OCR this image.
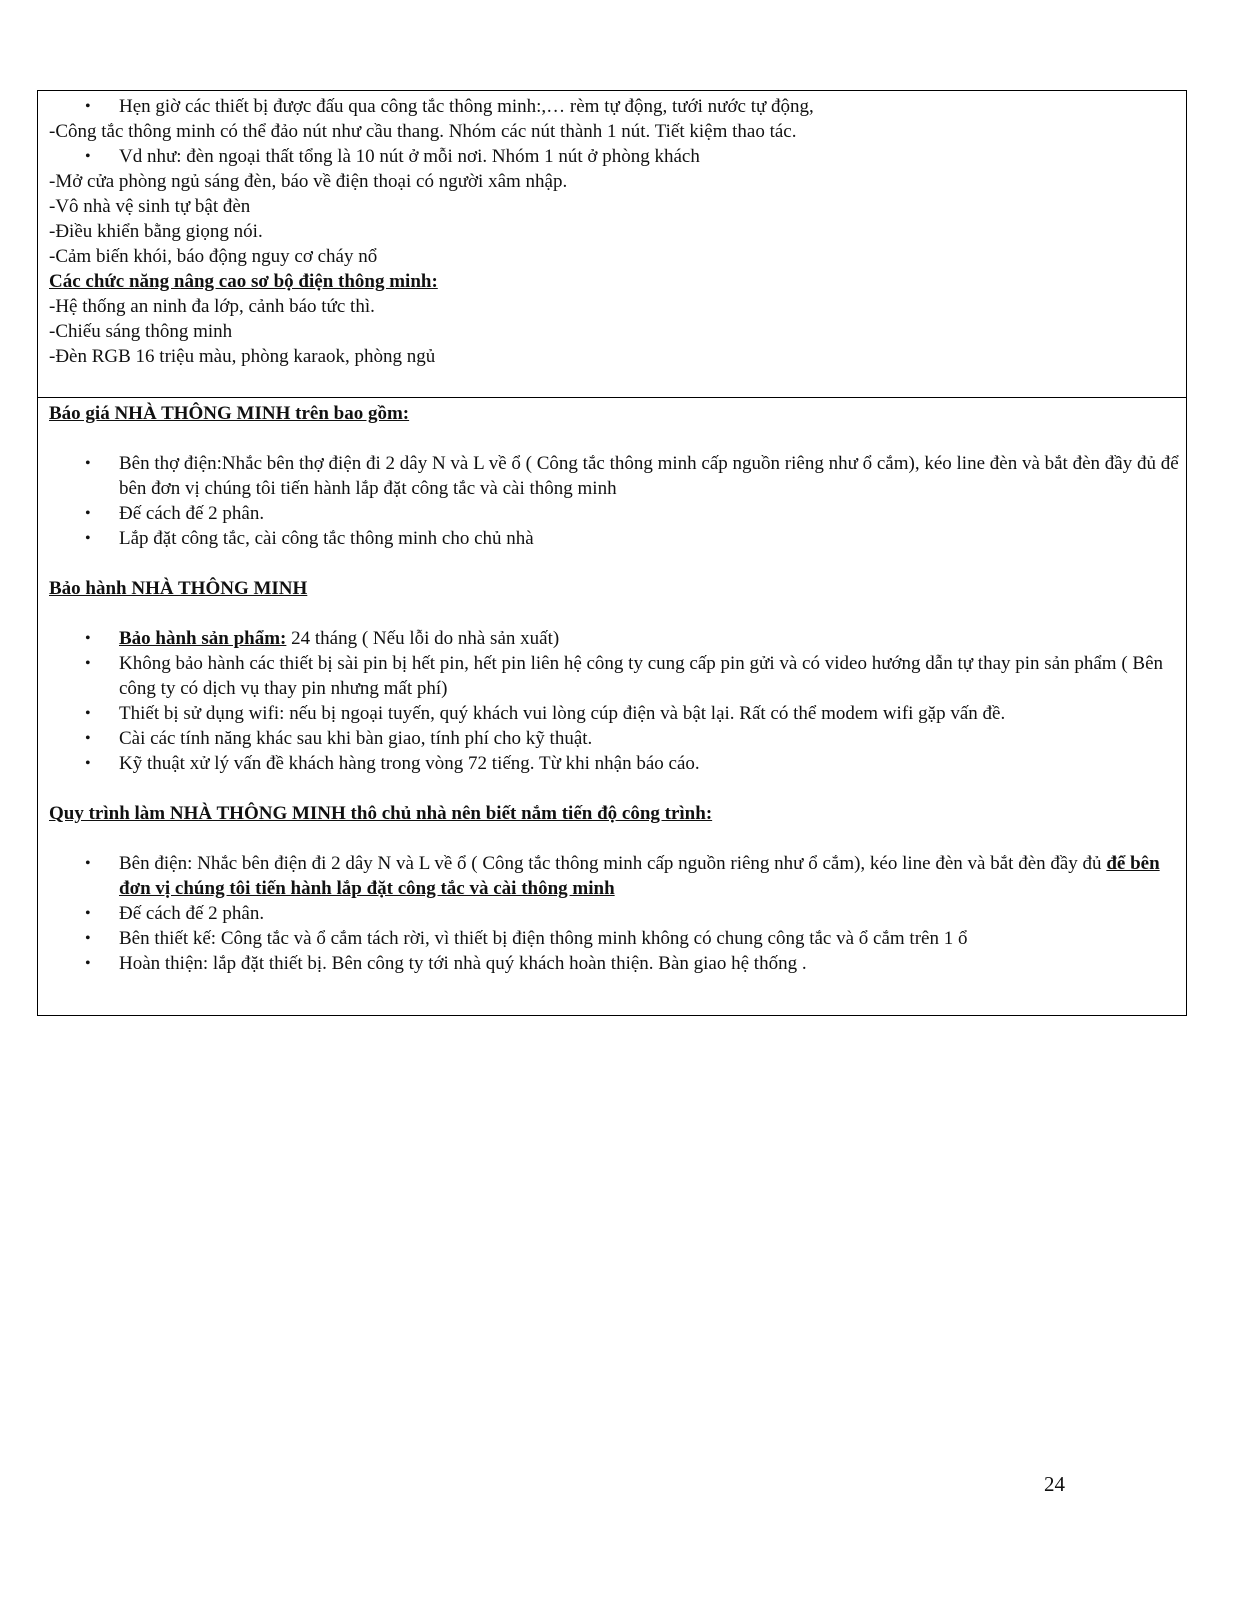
• Hẹn giờ các thiết bị được đấu qua công tắc thông minh:,… rèm tự động, tưới nước tự động,
-Công tắc thông minh có thể đảo nút như cầu thang. Nhóm các nút thành 1 nút. Tiết kiệm thao tác.
• Vd như: đèn ngoại thất tổng là 10 nút ở mỗi nơi. Nhóm 1 nút ở phòng khách
-Mở cửa phòng ngủ sáng đèn, báo về điện thoại có người xâm nhập.
-Vô nhà vệ sinh tự bật đèn
-Điều khiển bằng giọng nói.
-Cảm biến khói, báo động nguy cơ cháy nổ
Các chức năng nâng cao sơ bộ điện thông minh:
-Hệ thống an ninh đa lớp, cảnh báo tức thì.
-Chiếu sáng thông minh
-Đèn RGB 16 triệu màu, phòng karaok, phòng ngủ
Báo giá NHÀ THÔNG MINH trên bao gồm:
• Bên thợ điện:Nhắc bên thợ điện đi 2 dây N và L về ổ ( Công tắc thông minh cấp nguồn riêng như ổ cắm), kéo line đèn và bắt đèn đầy đủ để bên đơn vị chúng tôi tiến hành lắp đặt công tắc và cài thông minh
• Đế cách đế 2 phân.
• Lắp đặt công tắc, cài công tắc thông minh cho chủ nhà
Bảo hành NHÀ THÔNG MINH
• Bảo hành sản phẩm: 24 tháng ( Nếu lỗi do nhà sản xuất)
• Không bảo hành các thiết bị sài pin bị hết pin, hết pin liên hệ công ty cung cấp pin gửi và có video hướng dẫn tự thay pin sản phẩm ( Bên công ty có dịch vụ thay pin nhưng mất phí)
• Thiết bị sử dụng wifi: nếu bị ngoại tuyến, quý khách vui lòng cúp điện và bật lại. Rất có thể modem wifi gặp vấn đề.
• Cài các tính năng khác sau khi bàn giao, tính phí cho kỹ thuật.
• Kỹ thuật xử lý vấn đề khách hàng trong vòng 72 tiếng. Từ khi nhận báo cáo.
Quy trình làm NHÀ THÔNG MINH thô chủ nhà nên biết nắm tiến độ công trình:
• Bên điện: Nhắc bên điện đi 2 dây N và L về ổ ( Công tắc thông minh cấp nguồn riêng như ổ cắm), kéo line đèn và bắt đèn đầy đủ để bên đơn vị chúng tôi tiến hành lắp đặt công tắc và cài thông minh
• Đế cách đế 2 phân.
• Bên thiết kế: Công tắc và ổ cắm tách rời, vì thiết bị điện thông minh không có chung công tắc và ổ cắm trên 1 ổ
• Hoàn thiện: lắp đặt thiết bị. Bên công ty tới nhà quý khách hoàn thiện. Bàn giao hệ thống .
24
